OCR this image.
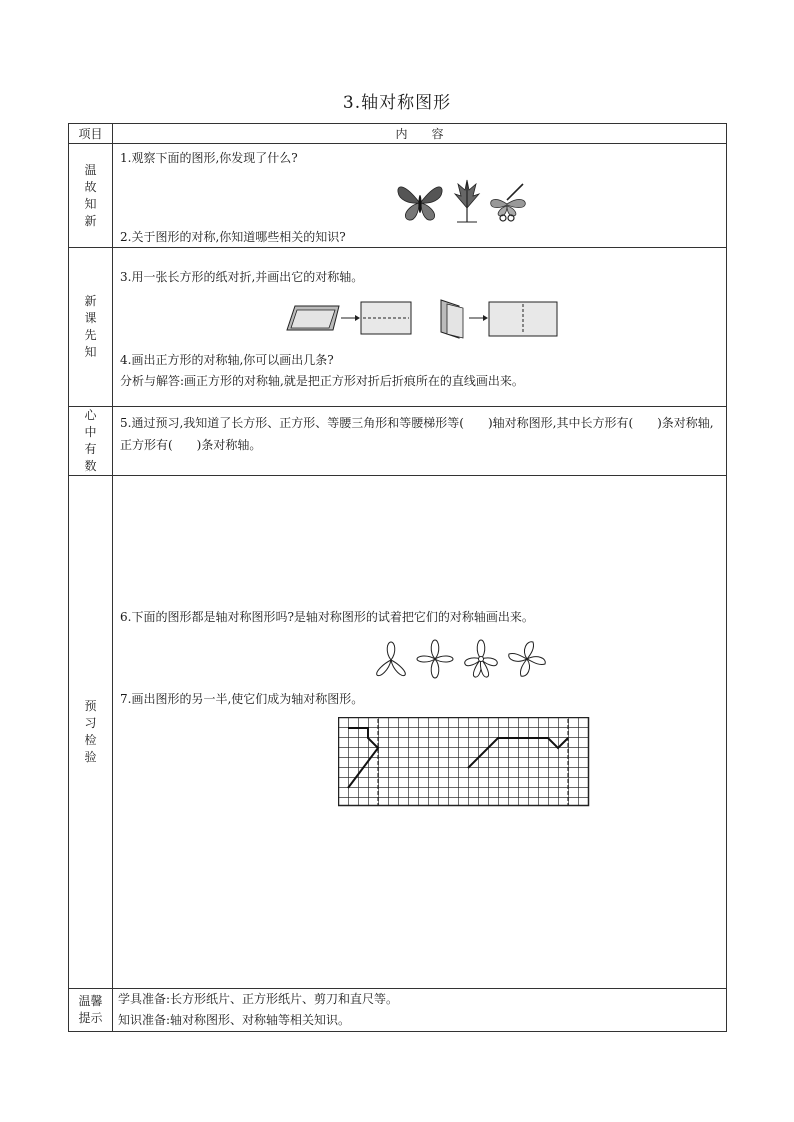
3.轴对称图形
项目	内　　容
温故知新	1.观察下面的图形,你发现了什么?
2.关于图形的对称,你知道哪些相关的知识?

新课先知	3.用一张长方形的纸对折,并画出它的对称轴。
4.画出正方形的对称轴,你可以画出几条?
分析与解答:画正方形的对称轴,就是把正方形对折后折痕所在的直线画出来。

心中有数	5.通过预习,我知道了长方形、正方形、等腰三角形和等腰梯形等(　　)轴对称图形,其中长方形有(　　)条对称轴,正方形有(　　)条对称轴。

预习检验	6.下面的图形都是轴对称图形吗?是轴对称图形的试着把它们的对称轴画出来。
7.画出图形的另一半,使它们成为轴对称图形。

温馨提示	学具准备:长方形纸片、正方形纸片、剪刀和直尺等。
知识准备:轴对称图形、对称轴等相关知识。
